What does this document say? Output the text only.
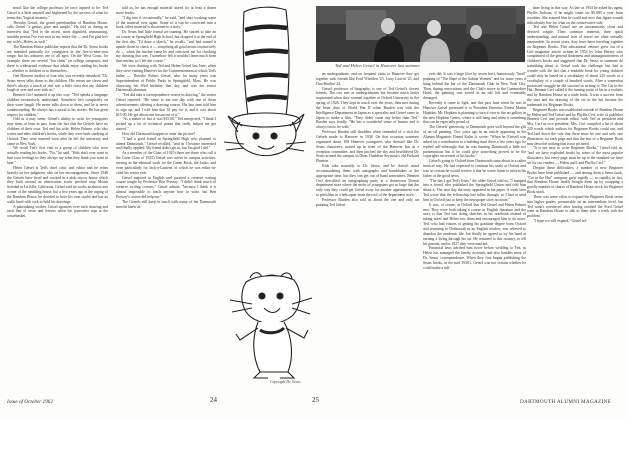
much like the college professor he once aspired to be. Ted Geisel is a little amused and frightened by the success of what he terms this "logical insanity."

Theodor Geisel, the grand paterfamilias of Random House, calls Geisel "a genius, pure and simple." He told us during an interview that "Ted is the nicest, most dignified, unassuming, sensible person I've ever met in my entire life — and I'm glad he's my wife's. Helen, as well."

The Random House publisher reports that the Dr. Seuss books are intended primarily for youngsters in the five-to-nine-year range, but his admirers are of all ages. On the West Coast, for example, there are several "fan clubs" on college campuses, and there is widespread evidence that adults enjoy reading his books — whether to children or to themselves.

One Hanover mother of four who was recently remarked, "Dr. Seuss never talks down to the children. His verses are clever and there's always a touch of real wit; a little twist that my children laugh at over and over with us."

Bennett Cerf summed it up this way: "Ted speaks a language children instinctively understand. Somehow he's completely on their wave length. He never talks down to them, and he is never condescending. He always has a moral to his stories. He has great respect for children."

Odd as it may seem, Geisel's ability to write for youngsters may stem, at least in part, from the fact that the Geisels have no children of their own. Ted and his wife, Helen Palmer, who also writes and edits children's books, while they were both studying at Oxford. They were married soon after he left the university and came to New York.

We recall Ted's first visit to a group of children who were actually reading his books. "No," he said. "Kids don't ever want to hurt your feelings so they always say what they think you want to hear."

Helen Geisel is Ted's chief critic and editor and he relies heavily on her judgment, also on her encouragement. Since 1948 the Geisels have lived and worked in a pink stucco house which they built around an observation tower perched atop Mount Soledad in La Jolla, California. Geisel said he works in almost any corner of the rambling house, but a few years ago at the urging of the Random House, he decided to have his own studio and has its walls lined with cork to hold his drawings.

A painstaking worker, Geisel agonizes over each drawing and each line of verse and freezes when his typewriter taps at the wastebasket.

told us, he has enough material stored for at least a dozen more books.

"I dig into it occasionally," he said, "and start working some of the material over again. Some of it can be converted into a book, other material is shortened to a story."

Dr. Seuss had little formal art training. He started to take an art course at Springfield High School, but dropped it at the end of the first day. "I'd done a sketch," he recalls, "and had turned it upside down to check it — something all good artists instinctively do — when the teacher came by and criticized me for checking my drawing that way. I somehow felt it wouldn't learn much from that teacher, so I left the course."

We were chatting with Ted and Helen Geisel last June, when they were visiting Hanover for the Commencement at which Ted's father — Theodor Robert Geisel, who for many years was Superintendent of Public Parks in Springfield, Mass. He was observing his 83rd birthday that day, and was the senior Dartmouth alumnus.

"Ted did take a correspondence course in drawing," the senior Geisel reported. "He came to me one day with one of those advertisements offering a drawing course. His late aunt told him to sign up, and I told him that I'd pay for it, and it cost about $15.00. He got about one lesson out of it."

"As a matter of fact it was $15.00," Ted interjected. "I think I picked up a lot of technical points that really helped me get started."

How did Dartmouth happen to enter the picture?

"I had a good friend at Springfield High who planned to attend Dartmouth," Geisel recalled, "and as I became interested and finally applied. My friend didn't get in, but I'm glad I did."

As a member of the Class of 1925 (there are those who call it the Great Class of 1925) Geisel was active in campus activities, serving as the editorial work for the Green Book, the Jacko, and even particularly for Jack-o-Lantern, of which he was editor-in-chief his senior year.

Geisel majored in English and pursued a creative writing course taught by Professor Ben Pressey. "I didn't think much of creative writing courses," Geisel admits, "because I think it is almost impossible to teach anyone how to write, but Ben Pressey's course did help me."

The Geisels still keep in touch with many of the Dartmouth men he knew as

Copyright Dr. Seuss
Ted and Helen Geisel in Hanover last summer.

an undergraduate, and on frequent visits to Hanover they get together with friends like Ford Whelden '25, Larry Leavitt '25, and Don Burden '24.

Geisel, professor of biography, is one of Ted Geisel's closest friends. The two met as undergraduates but became much better acquainted when they roomed together at Oxford University in the spring of 1926. They kept in touch over the years, then met during the latter days of World War II when Burden was with the Intelligence Department in Japan as a specialist and Geisel came to Japan to make a film. "They didn't come any better than Ted," Burden says fondly. "He has a wonderful sense of humor and is always fun to be with."

Professor Burden still shudders when reminded of a visit the Geisels made to Hanover in 1938. On that occasion someone organized about 100 Hanover youngsters who dressed like Dr. Seuss characters, turned up in front of the Hanover Inn as a reception committee, and then pitched the shy and bewildered Dr. Seuss around the campus in Dean Thaddeus Seymour's old Packard Phaeton.

Kids take naturally to Dr. Seuss, and he doesn't mind accommodating them with autographs and handshakes at the appropriate time, but they can get out of hand sometimes. Bennett Cerf described an autographing party at a downtown Detroit department store where the mobs of youngsters got so large that the only way they could get Geisel away for another appointment was to pitch him to a helicopter from the roof of the department store.

Professor Burden also told us about the one and only art painting Ted Geisel

ever did. It was a large (five by seven feet), humorously "lurid" painting of "The Rape of the Sabine Women" and for some years it hung behind the bar of the Dartmouth Club in New York City. Then, during renovations and the Club's move to the Commodore Hotel, the painting was stored in an old loft and eventually damaged.

Recently it came to light, and this past June when he was in Hanover Geisel presented it to President Emeritus Ernest Martin Hopkins. Mr. Hopkins is planning to turn it over to the art gallery in the new Hopkins Center, where it will hang and when it something that can be especially proud of.

The Geisels' generosity to Dartmouth goes well beyond the gift of an oil painting. Two years ago in an article appearing in the Alumni Magazine, Daniel Kuhn Jr. wrote: "When he [Geisel] was asked for a contribution to a building fund drive a few years ago, he replied self-effacingly that he was hunting Dartmouth a little too parsimonious but if he could give something proved to be the copyrights on several of his books."

Geisel's going to Oxford from Dartmouth came about in a rather ironical way. He had expected to continue his study at Oxford and was so certain he would receive it that he wrote home to inform his father of the good news.

"The day I got Ted's letter," the older Geisel told us, "I bumped into a friend who published the Springfield Union and told him about it. The next day the story appeared in his paper. A week later Ted wrote that the fellowship had fallen through, so I had to send him to Oxford just to keep the newspaper story accurate."

It was, of course, at Oxford that Ted Geisel and Helen Palmer met. They were both taking a course in English literature and the story is that Ted was doing sketches in his notebook instead of taking notes and Helen saw them and encouraged him to do more. Ted, who had visions of getting his graduate degree from Oxford and returning to Dartmouth as an English teacher, was relieved to abandon the academic life, but finally he agreed to try his hand at earning a living through his art. He returned to this country, to tell his parents, and in 1927 they were married.

Financial laws advised him twice before wedding to Ted, as Helen has managed the family accounts and also handles most of Dr. Seuss' correspondence. When they first began publishing the Seuss books, in the mid 1930's, Geisel was not certain whether he could make a full-

time living in this way. As late as 1954 he asked his agent, Phyllis Jackson, if he might count on $5,000 a year from royalties. She assured him he could and now that figure sounds ridiculously low for what on the conservative side.

Ted and Helen Geisel are an uncommonly close and devoted couple. Their common interests, their quick understanding, and mutual love of travel are often virtually inseparable. In recent years, they have been traveling together on Beginner Books. This educational venture grew out of a Life magazine article written in 1954 by John Hersey who complained of the general dreariness and unimaginativeness of children's books and suggested that Dr. Seuss or someone do something about it. Geisel took the challenge, but had to wrestle with the fact that a readable book for young children could only be based on a vocabulary of about 225 words or a vocabulary of a couple of hundred words. After a somewhat protracted struggle he did succeed in writing it; The Cat in the Hat. Bennett Cerf called it the turning point of his in a realistic and by Random House as a trade book. It was a success from the start and the drawing of the cat in the hat became the trademark for Beginner Books.

Beginner Books was established outside of Random House by Helen and Ted Geisel and by Phyllis Cerf, wife of publisher Bennett Cerf and juvenile editor, with Ted as president and Mrs. Cerf as vice president. Mrs. Cerf compiled a list of about 220 words which authors for Beginner Books could use, and Ted laid down the rule that there must be one and only one illustration for each page and that the text of a Beginner Book may describe nothing that is not pictured.

"It is not easy to write Beginner Books," Geisel told us, "and we have exploded books by some of the most popular illustrators, but every page must be up to the standard we have set for our readers — Helen and I and Phyllis Cerf."

Despite these difficulties, a number of new Beginner Books have been published — and among them a Seuss book, "Cat in the Hat" company grew rapidly — so rapidly, in fact, that Random House finally bought them up by swapping a goodly number of shares of Random House stock for Beginner Book stock.

There was some effort to expand the Beginner Book series into higher grades, presumably on an intermediate level, but Ted wasn't convinced after having reached the Ford Geisel went to Random House to talk to them after a week with the problem.

"I hope we will expand," Geisel ad-

Issue of October 1962	24	25	DARTMOUTH ALUMNI MAGAZINE
